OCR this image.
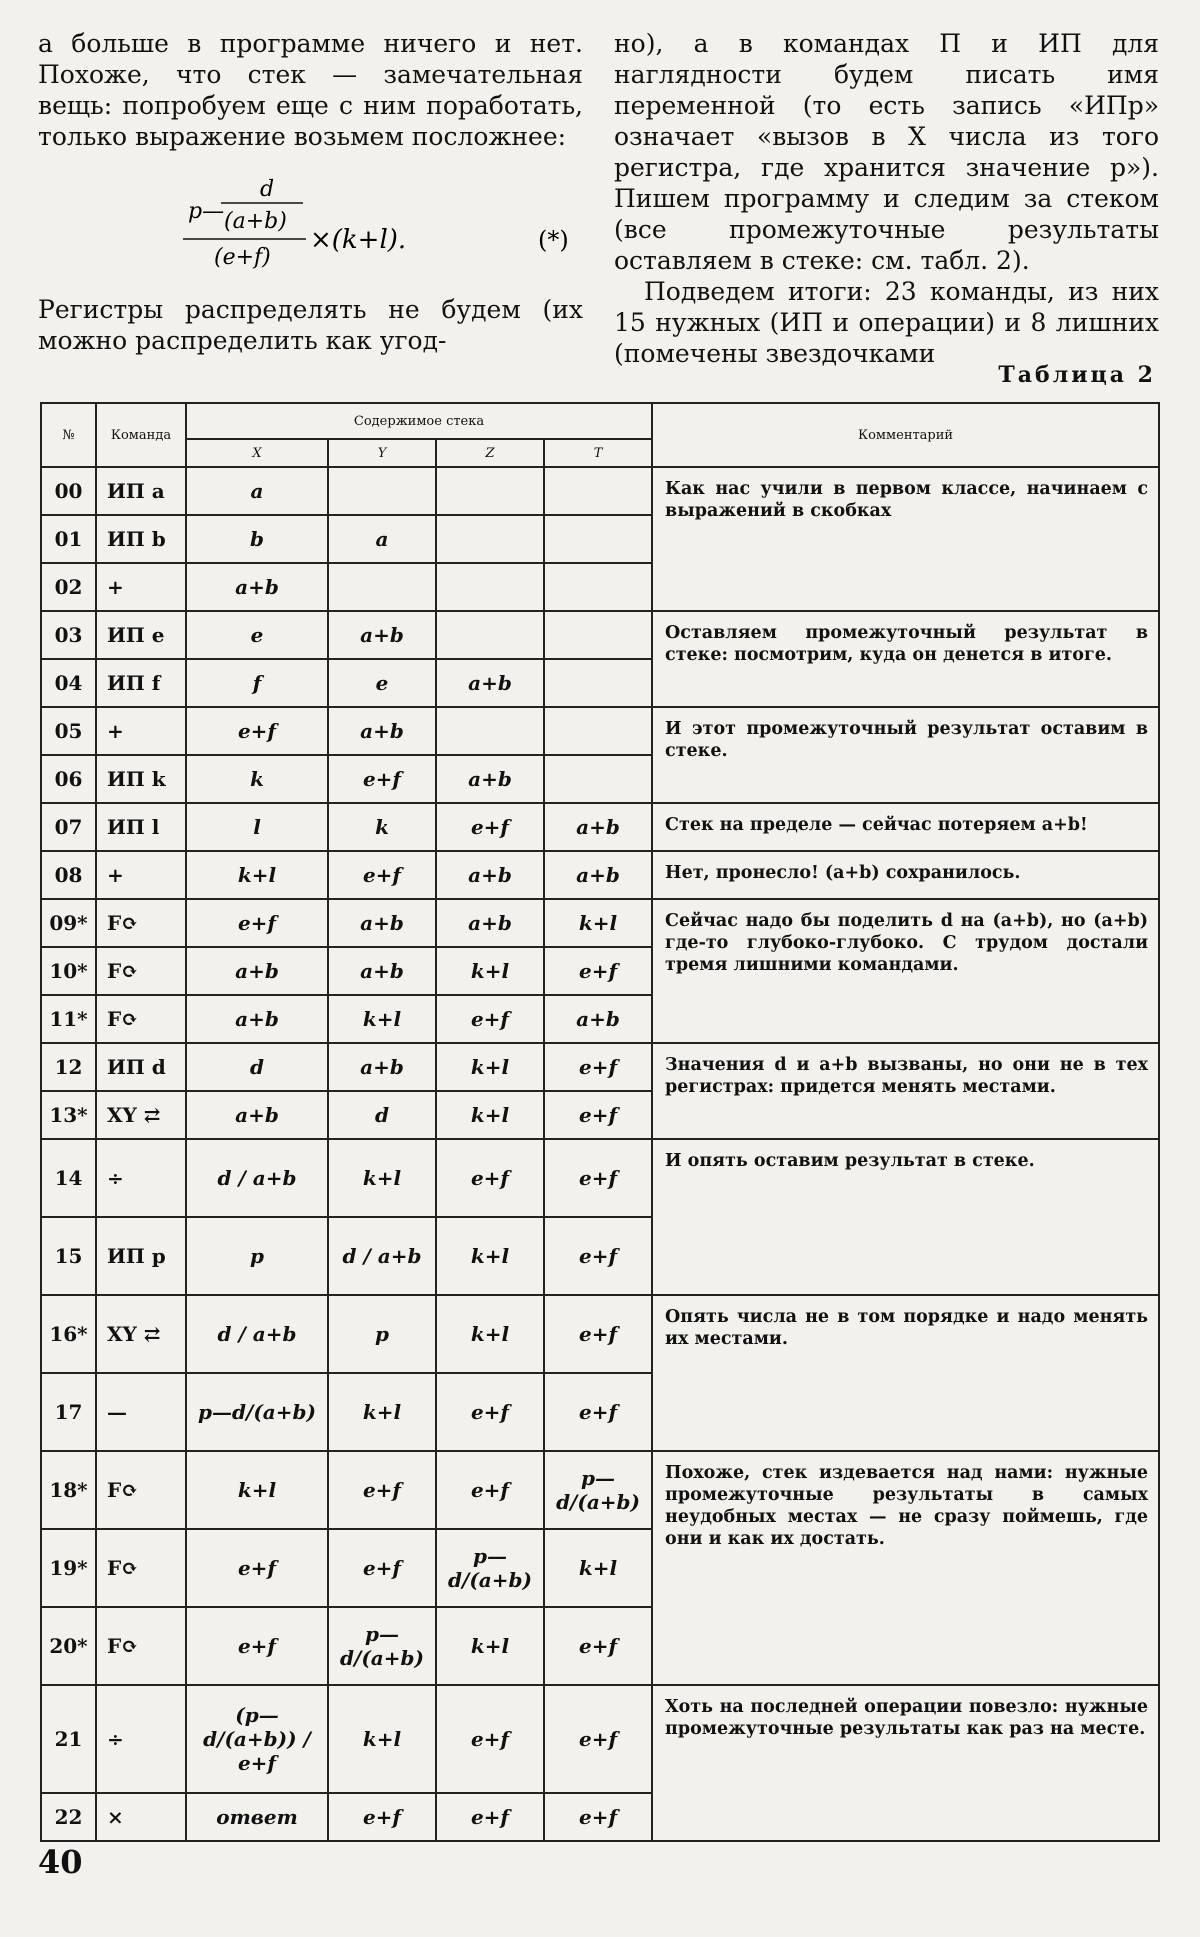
а больше в программе ничего и нет. Похоже, что стек — замечательная вещь: попробуем еще с ним поработать, только выражение возьмем посложнее:

p—
d
(a+b)
(e+f)
×(k+l).	(*)

Регистры распределять не будем (их можно распределить как угод-

но), а в командах П и ИП для наглядности будем писать имя переменной (то есть запись «ИПp» означает «вызов в X числа из того регистра, где хранится значение p»). Пишем программу и следим за стеком (все промежуточные результаты оставляем в стеке: см. табл. 2).

Подведем итоги: 23 команды, из них 15 нужных (ИП и операции) и 8 лишних (помечены звездочками

Таблица 2
№	Команда	Содержимое стека				Комментарий
		X	Y	Z	T	
00	ИП a	a				Как нас учили в первом классе, начинаем с выражений в скобках
01	ИП b	b	a			
02	+	a+b				
03	ИП e	e	a+b			Оставляем промежуточный результат в стеке: посмотрим, куда он денется в итоге.
04	ИП f	f	e	a+b		
05	+	e+f	a+b			И этот промежуточный результат оставим в стеке.
06	ИП k	k	e+f	a+b		
07	ИП l	l	k	e+f	a+b	Стек на пределе — сейчас потеряем a+b!
08	+	k+l	e+f	a+b	a+b	Нет, пронесло! (a+b) сохранилось.
09*	F⟳	e+f	a+b	a+b	k+l	Сейчас надо бы поделить d на (a+b), но (a+b) где-то глубоко-глубоко. С трудом достали тремя лишними командами.
10*	F⟳	a+b	a+b	k+l	e+f	
11*	F⟳	a+b	k+l	e+f	a+b	
12	ИП d	d	a+b	k+l	e+f	Значения d и a+b вызваны, но они не в тех регистрах: придется менять местами.
13*	XY ⇄	a+b	d	k+l	e+f	
14	÷	d / a+b	k+l	e+f	e+f	И опять оставим результат в стеке.
15	ИП p	p	d / a+b	k+l	e+f	
16*	XY ⇄	d / a+b	p	k+l	e+f	Опять числа не в том порядке и надо менять их местами.
17	—	p—d/(a+b)	k+l	e+f	e+f	
18*	F⟳	k+l	e+f	e+f	p—d/(a+b)	Похоже, стек издевается над нами: нужные промежуточные результаты в самых неудобных местах — не сразу поймешь, где они и как их достать.
19*	F⟳	e+f	e+f	p—d/(a+b)	k+l	
20*	F⟳	e+f	p—d/(a+b)	k+l	e+f	
21	÷	(p—d/(a+b)) / e+f	k+l	e+f	e+f	Хоть на последней операции повезло: нужные промежуточные результаты как раз на месте.
22	×	ответ	e+f	e+f	e+f	
40
